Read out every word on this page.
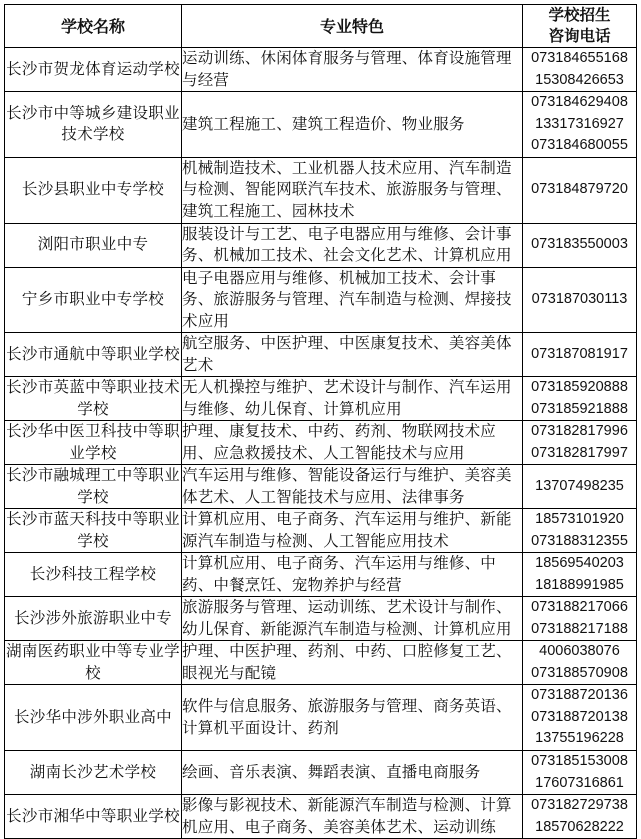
学校名称	专业特色	学校招生
咨询电话

长沙市贺龙体育运动学校	运动训练、休闲体育服务与管理、体育设施管理与经营	073184655168
15308426653

长沙市中等城乡建设职业技术学校	建筑工程施工、建筑工程造价、物业服务	073184629408
13317316927
073184680055

长沙县职业中专学校	机械制造技术、工业机器人技术应用、汽车制造与检测、智能网联汽车技术、旅游服务与管理、建筑工程施工、园林技术	073184879720

浏阳市职业中专	服装设计与工艺、电子电器应用与维修、会计事务、机械加工技术、社会文化艺术、计算机应用	073183550003

宁乡市职业中专学校	电子电器应用与维修、机械加工技术、会计事务、旅游服务与管理、汽车制造与检测、焊接技术应用	073187030113

长沙市通航中等职业学校	航空服务、中医护理、中医康复技术、美容美体艺术	073187081917

长沙市英蓝中等职业技术学校	无人机操控与维护、艺术设计与制作、汽车运用与维修、幼儿保育、计算机应用	073185920888
073185921888

长沙华中医卫科技中等职业学校	护理、康复技术、中药、药剂、物联网技术应用、应急救援技术、人工智能技术与应用	073182817996
073182817997

长沙市融城理工中等职业学校	汽车运用与维修、智能设备运行与维护、美容美体艺术、人工智能技术与应用、法律事务	13707498235

长沙市蓝天科技中等职业学校	计算机应用、电子商务、汽车运用与维护、新能源汽车制造与检测、人工智能应用技术	18573101920
073188312355

长沙科技工程学校	计算机应用、电子商务、汽车运用与维修、中药、中餐烹饪、宠物养护与经营	18569540203
18188991985

长沙涉外旅游职业中专	旅游服务与管理、运动训练、艺术设计与制作、幼儿保育、新能源汽车制造与检测、计算机应用	073188217066
073188217188

湖南医药职业中等专业学校	护理、中医护理、药剂、中药、口腔修复工艺、眼视光与配镜	4006038076
073188570908

长沙华中涉外职业高中	软件与信息服务、旅游服务与管理、商务英语、计算机平面设计、药剂	073188720136
073188720138
13755196228

湖南长沙艺术学校	绘画、音乐表演、舞蹈表演、直播电商服务	073185153008
17607316861

长沙市湘华中等职业学校	影像与影视技术、新能源汽车制造与检测、计算机应用、电子商务、美容美体艺术、运动训练	073182729738
18570628222
